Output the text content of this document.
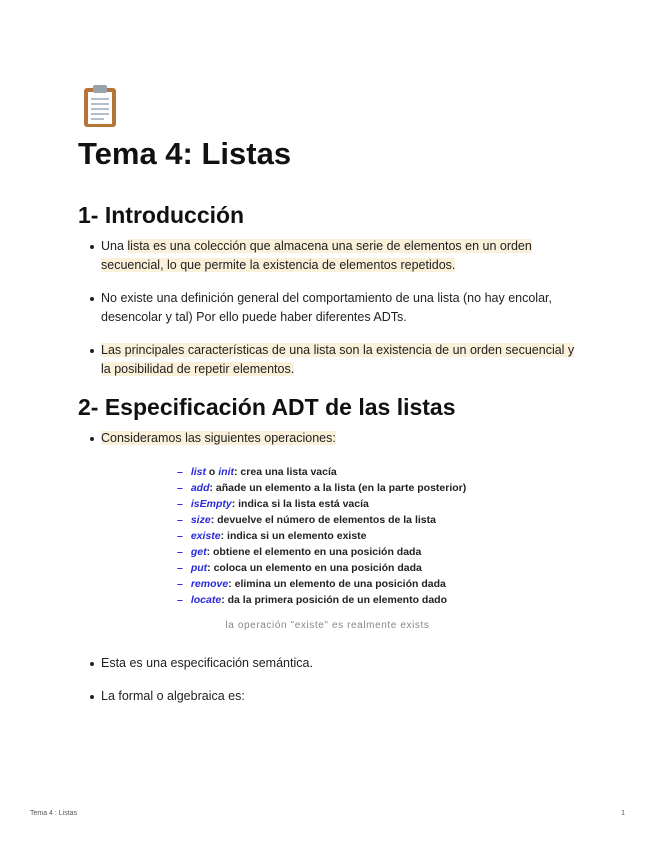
Tema 4: Listas
1- Introducción
Una lista es una colección que almacena una serie de elementos en un orden secuencial, lo que permite la existencia de elementos repetidos.
No existe una definición general del comportamiento de una lista (no hay encolar, desencolar y tal) Por ello puede haber diferentes ADTs.
Las principales características de una lista son la existencia de un orden secuencial y la posibilidad de repetir elementos.
2- Especificación ADT de las listas
Consideramos las siguientes operaciones:
– list o init: crea una lista vacía
– add: añade un elemento a la lista (en la parte posterior)
– isEmpty: indica si la lista está vacía
– size: devuelve el número de elementos de la lista
– existe: indica si un elemento existe
– get: obtiene el elemento en una posición dada
– put: coloca un elemento en una posición dada
– remove: elimina un elemento de una posición dada
– locate: da la primera posición de un elemento dado
la operación "existe" es realmente exists
Esta es una especificación semántica.
La formal o algebraica es:
Tema 4 : Listas	1
